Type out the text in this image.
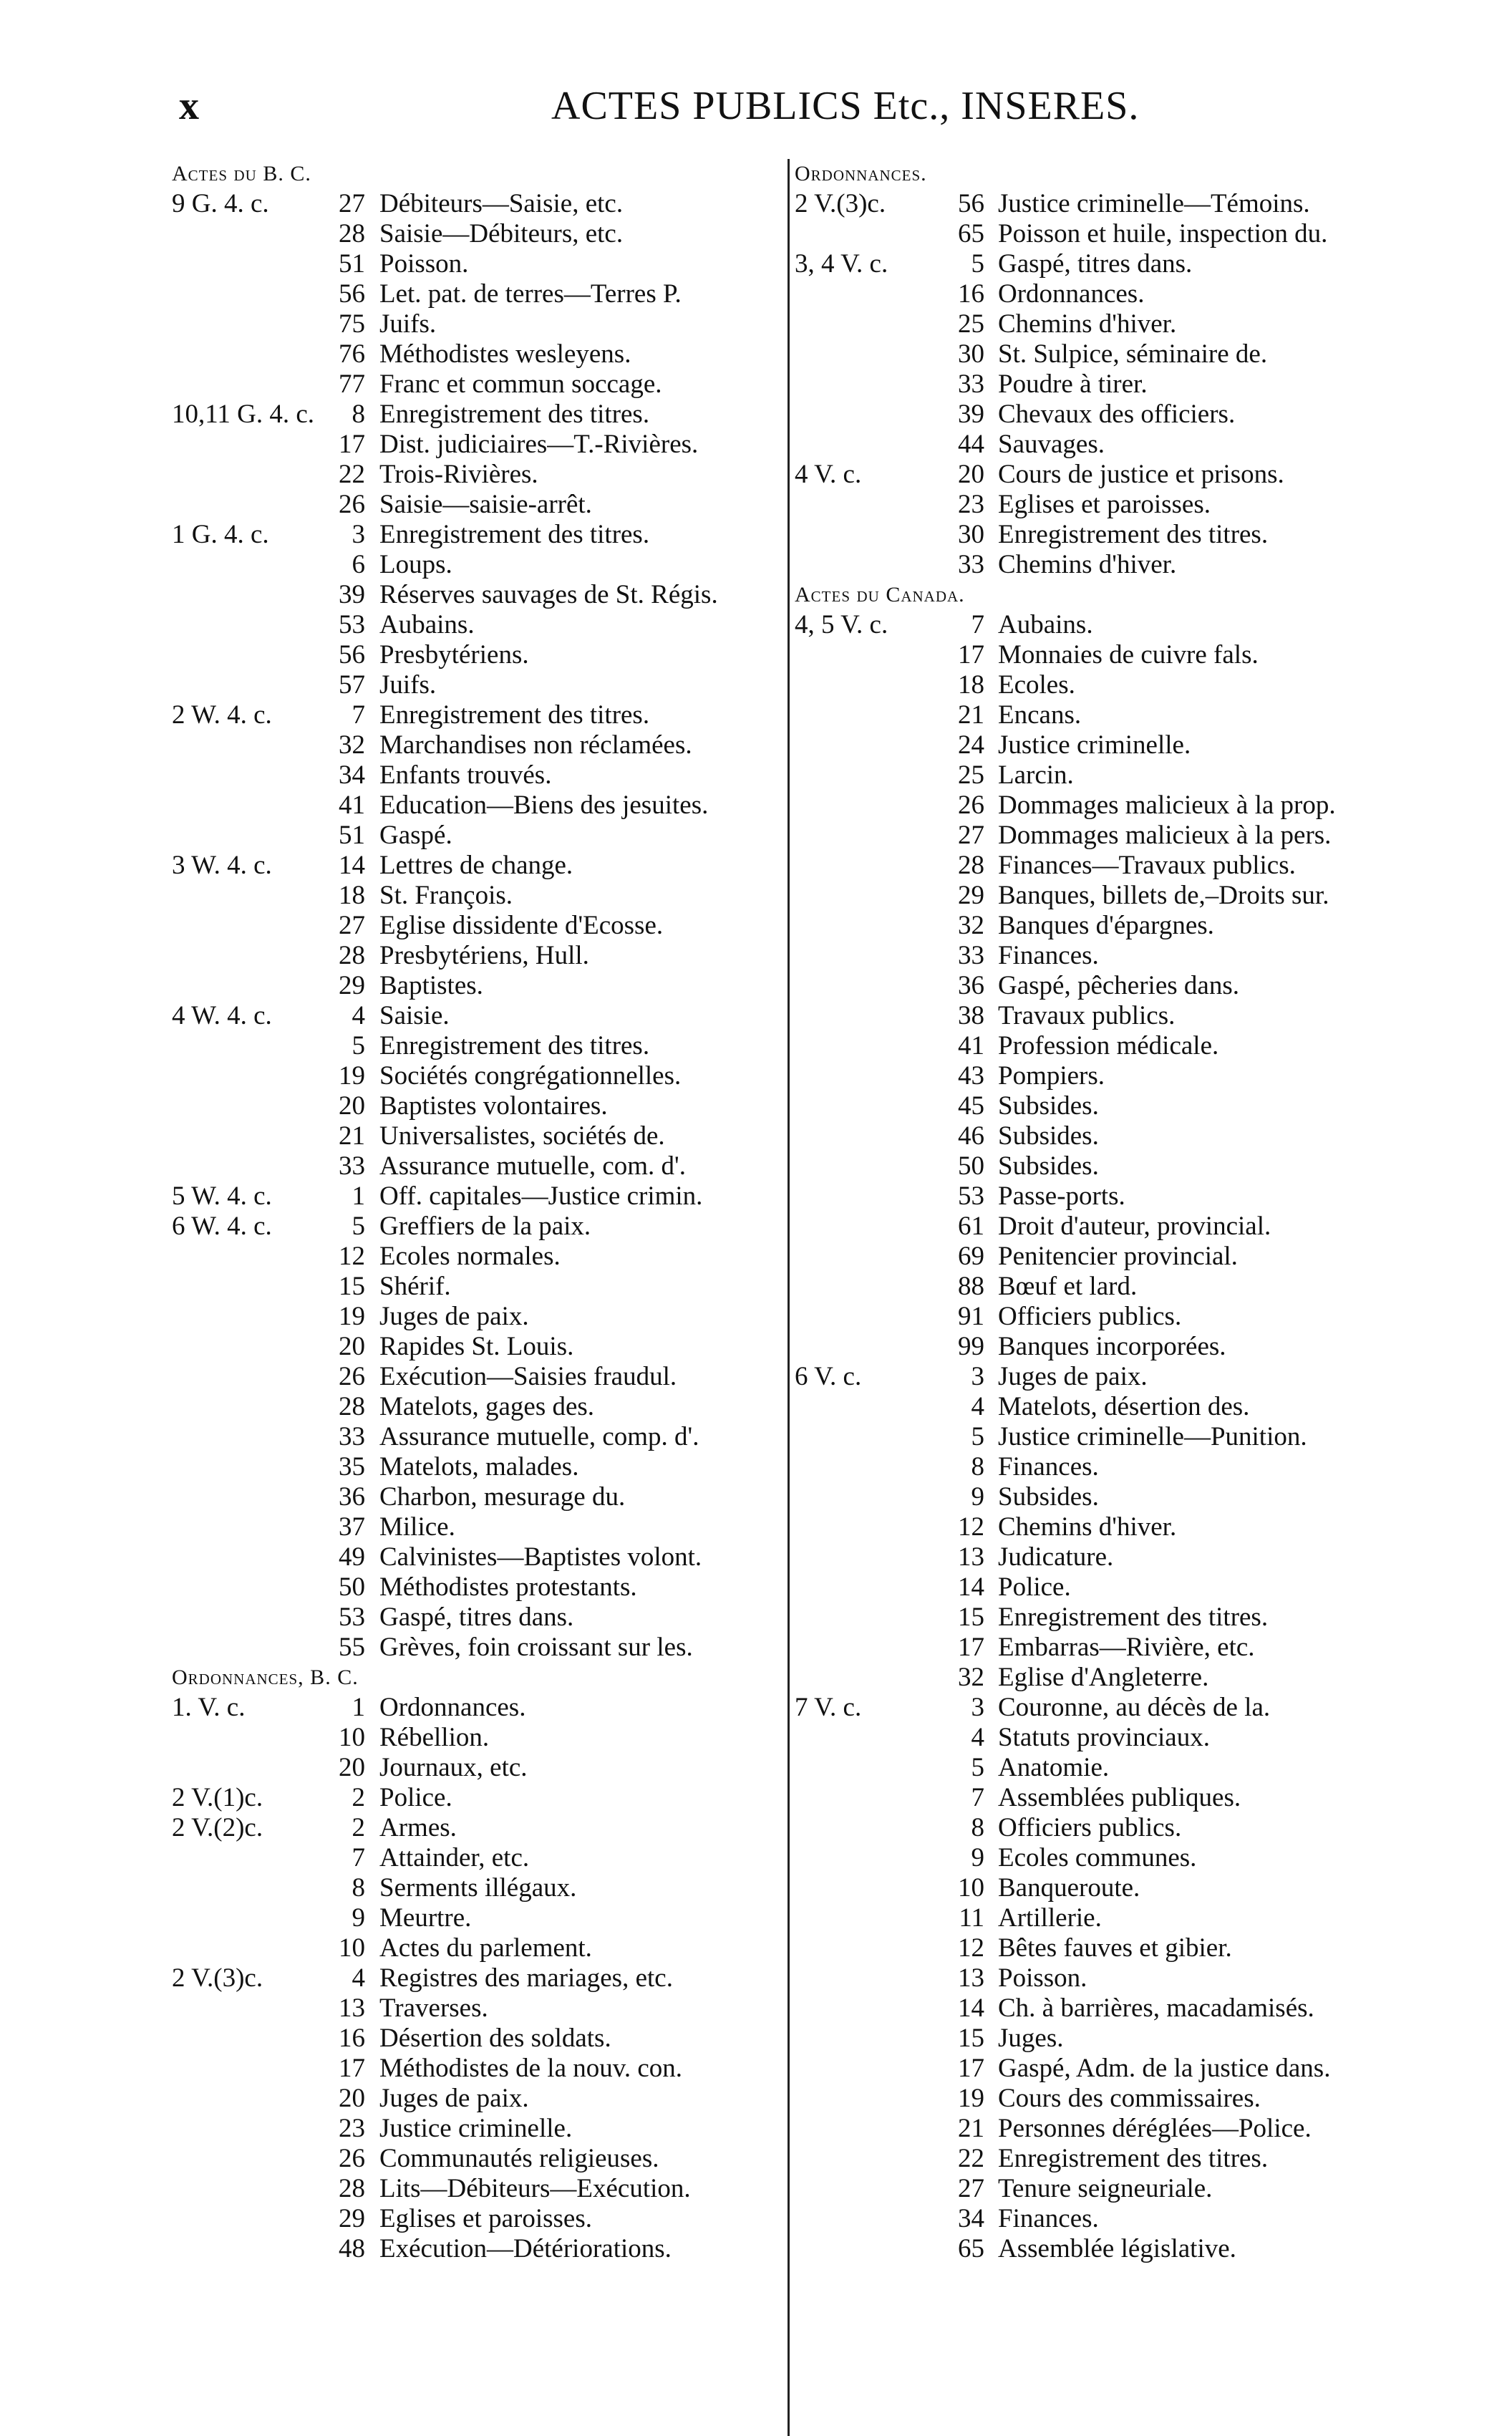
x	ACTES PUBLICS Etc., INSERES.
Actes du B. C.
9 G. 4. c.	27 Débiteurs—Saisie, etc.
28 Saisie—Débiteurs, etc.
51 Poisson.
56 Let. pat. de terres—Terres P.
75 Juifs.
76 Méthodistes wesleyens.
77 Franc et commun soccage.
10,11 G. 4. c. 8 Enregistrement des titres.
17 Dist. judiciaires—T.-Rivières.
22 Trois-Rivières.
26 Saisie—saisie-arrêt.
1 G. 4. c.	3 Enregistrement des titres.
6 Loups.
39 Réserves sauvages de St. Régis.
53 Aubains.
56 Presbytériens.
57 Juifs.
2 W. 4. c.	7 Enregistrement des titres.
32 Marchandises non réclamées.
34 Enfants trouvés.
41 Education—Biens des jesuites.
51 Gaspé.
3 W. 4. c.	14 Lettres de change.
18 St. François.
27 Eglise dissidente d'Ecosse.
28 Presbytériens, Hull.
29 Baptistes.
4 W. 4. c.	4 Saisie.
5 Enregistrement des titres.
19 Sociétés congrégationnelles.
20 Baptistes volontaires.
21 Universalistes, sociétés de.
33 Assurance mutuelle, com. d'.
5 W. 4. c.	1 Off. capitales—Justice crimin.
6 W. 4. c.	5 Greffiers de la paix.
12 Ecoles normales.
15 Shérif.
19 Juges de paix.
20 Rapides St. Louis.
26 Exécution—Saisies fraudul.
28 Matelots, gages des.
33 Assurance mutuelle, comp. d'.
35 Matelots, malades.
36 Charbon, mesurage du.
37 Milice.
49 Calvinistes—Baptistes volont.
50 Méthodistes protestants.
53 Gaspé, titres dans.
55 Grèves, foin croissant sur les.
Ordonnances, B. C.
1. V. c.	1 Ordonnances.
10 Rébellion.
20 Journaux, etc.
2 V.(1)c.	2 Police.
2 V.(2)c.	2 Armes.
7 Attainder, etc.
8 Serments illégaux.
9 Meurtre.
10 Actes du parlement.
2 V.(3)c.	4 Registres des mariages, etc.
13 Traverses.
16 Désertion des soldats.
17 Méthodistes de la nouv. con.
20 Juges de paix.
23 Justice criminelle.
26 Communautés religieuses.
28 Lits—Débiteurs—Exécution.
29 Eglises et paroisses.
48 Exécution—Détériorations.
Ordonnances.
2 V.(3)c.	56 Justice criminelle—Témoins.
65 Poisson et huile, inspection du.
3, 4 V. c.	5 Gaspé, titres dans.
16 Ordonnances.
25 Chemins d'hiver.
30 St. Sulpice, séminaire de.
33 Poudre à tirer.
39 Chevaux des officiers.
44 Sauvages.
4 V. c.	20 Cours de justice et prisons.
23 Eglises et paroisses.
30 Enregistrement des titres.
33 Chemins d'hiver.
Actes du Canada.
4, 5 V. c.	7 Aubains.
17 Monnaies de cuivre fals.
18 Ecoles.
21 Encans.
24 Justice criminelle.
25 Larcin.
26 Dommages malicieux à la prop.
27 Dommages malicieux à la pers.
28 Finances—Travaux publics.
29 Banques, billets de,–Droits sur.
32 Banques d'épargnes.
33 Finances.
36 Gaspé, pêcheries dans.
38 Travaux publics.
41 Profession médicale.
43 Pompiers.
45 Subsides.
46 Subsides.
50 Subsides.
53 Passe-ports.
61 Droit d'auteur, provincial.
69 Penitencier provincial.
88 Bœuf et lard.
91 Officiers publics.
99 Banques incorporées.
6 V. c.	3 Juges de paix.
4 Matelots, désertion des.
5 Justice criminelle—Punition.
8 Finances.
9 Subsides.
12 Chemins d'hiver.
13 Judicature.
14 Police.
15 Enregistrement des titres.
17 Embarras—Rivière, etc.
32 Eglise d'Angleterre.
7 V. c.	3 Couronne, au décès de la.
4 Statuts provinciaux.
5 Anatomie.
7 Assemblées publiques.
8 Officiers publics.
9 Ecoles communes.
10 Banqueroute.
11 Artillerie.
12 Bêtes fauves et gibier.
13 Poisson.
14 Ch. à barrières, macadamisés.
15 Juges.
17 Gaspé, Adm. de la justice dans.
19 Cours des commissaires.
21 Personnes déréglées—Police.
22 Enregistrement des titres.
27 Tenure seigneuriale.
34 Finances.
65 Assemblée législative.
